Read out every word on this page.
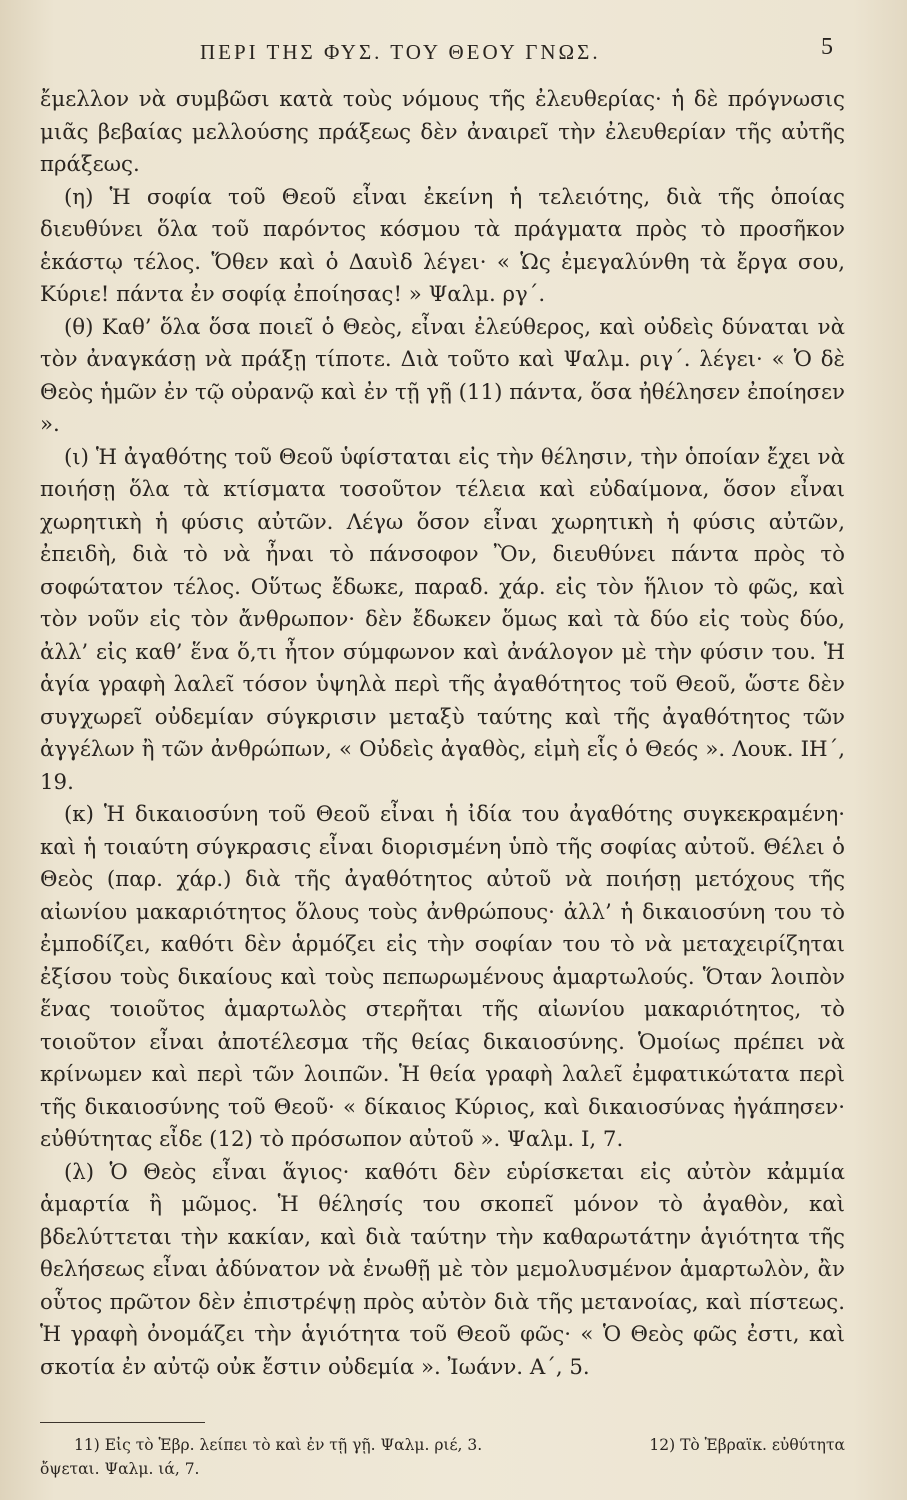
ΠΕΡΙ ΤΗΣ ΦΥΣ. ΤΟΥ ΘΕΟΥ ΓΝΩΣ.	5

ἔμελλον νὰ συμβῶσι κατὰ τοὺς νόμους τῆς ἐλευθερίας· ἡ δὲ πρόγνωσις μιᾶς βεβαίας μελλούσης πράξεως δὲν ἀναιρεῖ τὴν ἐλευθερίαν τῆς αὐτῆς πράξεως.

(η) Ἡ σοφία τοῦ Θεοῦ εἶναι ἐκείνη ἡ τελειότης, διὰ τῆς ὁποίας διευθύνει ὅλα τοῦ παρόντος κόσμου τὰ πράγματα πρὸς τὸ προσῆκον ἑκάστῳ τέλος. Ὅθεν καὶ ὁ Δαυὶδ λέγει· « Ὡς ἐμεγαλύνθη τὰ ἔργα σου, Κύριε! πάντα ἐν σοφίᾳ ἐποίησας! » Ψαλμ. ργ΄.

(θ) Καθ’ ὅλα ὅσα ποιεῖ ὁ Θεὸς, εἶναι ἐλεύθερος, καὶ οὐδεὶς δύναται νὰ τὸν ἀναγκάσῃ νὰ πράξῃ τίποτε. Διὰ τοῦτο καὶ Ψαλμ. ριγ΄. λέγει· « Ὁ δὲ Θεὸς ἡμῶν ἐν τῷ οὐρανῷ καὶ ἐν τῇ γῇ (11) πάντα, ὅσα ἠθέλησεν ἐποίησεν ».

(ι) Ἡ ἀγαθότης τοῦ Θεοῦ ὑφίσταται εἰς τὴν θέλησιν, τὴν ὁποίαν ἔχει νὰ ποιήσῃ ὅλα τὰ κτίσματα τοσοῦτον τέλεια καὶ εὐδαίμονα, ὅσον εἶναι χωρητικὴ ἡ φύσις αὐτῶν. Λέγω ὅσον εἶναι χωρητικὴ ἡ φύσις αὐτῶν, ἐπειδὴ, διὰ τὸ νὰ ἦναι τὸ πάνσοφον Ὂν, διευθύνει πάντα πρὸς τὸ σοφώτατον τέλος. Οὕτως ἔδωκε, παραδ. χάρ. εἰς τὸν ἥλιον τὸ φῶς, καὶ τὸν νοῦν εἰς τὸν ἄνθρωπον· δὲν ἔδωκεν ὅμως καὶ τὰ δύο εἰς τοὺς δύο, ἀλλ’ εἰς καθ’ ἕνα ὅ,τι ἦτον σύμφωνον καὶ ἀνάλογον μὲ τὴν φύσιν του. Ἡ ἁγία γραφὴ λαλεῖ τόσον ὑψηλὰ περὶ τῆς ἀγαθότητος τοῦ Θεοῦ, ὥστε δὲν συγχωρεῖ οὐδεμίαν σύγκρισιν μεταξὺ ταύτης καὶ τῆς ἀγαθότητος τῶν ἀγγέλων ἢ τῶν ἀνθρώπων, « Οὐδεὶς ἀγαθὸς, εἰμὴ εἷς ὁ Θεός ». Λουκ. ΙΗ΄, 19.

(κ) Ἡ δικαιοσύνη τοῦ Θεοῦ εἶναι ἡ ἰδία του ἀγαθότης συγκεκραμένη· καὶ ἡ τοιαύτη σύγκρασις εἶναι διορισμένη ὑπὸ τῆς σοφίας αὐτοῦ. Θέλει ὁ Θεὸς (παρ. χάρ.) διὰ τῆς ἀγαθότητος αὐτοῦ νὰ ποιήσῃ μετόχους τῆς αἰωνίου μακαριότητος ὅλους τοὺς ἀνθρώπους· ἀλλ’ ἡ δικαιοσύνη του τὸ ἐμποδίζει, καθότι δὲν ἁρμόζει εἰς τὴν σοφίαν του τὸ νὰ μεταχειρίζηται ἐξίσου τοὺς δικαίους καὶ τοὺς πεπωρωμένους ἁμαρτωλούς. Ὅταν λοιπὸν ἕνας τοιοῦτος ἁμαρτωλὸς στερῆται τῆς αἰωνίου μακαριότητος, τὸ τοιοῦτον εἶναι ἀποτέλεσμα τῆς θείας δικαιοσύνης. Ὁμοίως πρέπει νὰ κρίνωμεν καὶ περὶ τῶν λοιπῶν. Ἡ θεία γραφὴ λαλεῖ ἐμφατικώτατα περὶ τῆς δικαιοσύνης τοῦ Θεοῦ· « δίκαιος Κύριος, καὶ δικαιοσύνας ἠγάπησεν· εὐθύτητας εἶδε (12) τὸ πρόσωπον αὐτοῦ ». Ψαλμ. Ι, 7.

(λ) Ὁ Θεὸς εἶναι ἅγιος· καθότι δὲν εὑρίσκεται εἰς αὐτὸν κἀμμία ἁμαρτία ἢ μῶμος. Ἡ θέλησίς του σκοπεῖ μόνον τὸ ἀγαθὸν, καὶ βδελύττεται τὴν κακίαν, καὶ διὰ ταύτην τὴν καθαρωτάτην ἁγιότητα τῆς θελήσεως εἶναι ἀδύνατον νὰ ἑνωθῇ μὲ τὸν μεμολυσμένον ἁμαρτωλὸν, ἂν οὗτος πρῶτον δὲν ἐπιστρέψῃ πρὸς αὐτὸν διὰ τῆς μετανοίας, καὶ πίστεως. Ἡ γραφὴ ὀνομάζει τὴν ἁγιότητα τοῦ Θεοῦ φῶς· « Ὁ Θεὸς φῶς ἐστι, καὶ σκοτία ἐν αὐτῷ οὐκ ἔστιν οὐδεμία ». Ἰωάνν. Α΄, 5.

11) Εἰς τὸ Ἑβρ. λείπει τὸ καὶ ἐν τῇ γῇ. Ψαλμ. ριέ, 3.	12) Τὸ Ἑβραϊκ. εὐθύτητα
ὄψεται. Ψαλμ. ιά, 7.
